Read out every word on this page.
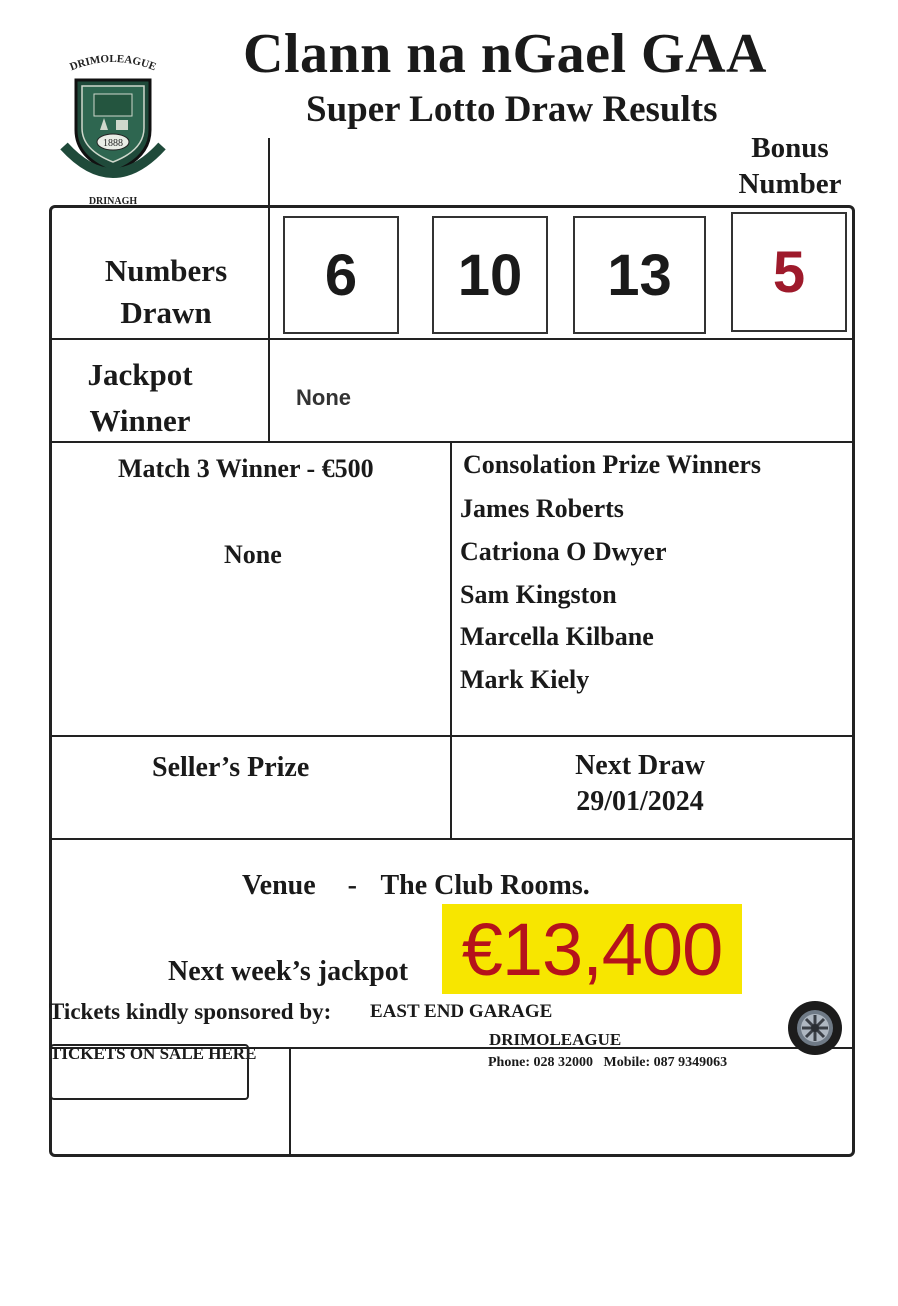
DRIMOLEAGUE
1888
DRINAGH
Clann na nGael GAA
Super Lotto Draw Results
Bonus
Number
Numbers
Drawn
6	10	13	5
Jackpot
Winner
None
Match 3 Winner - €500
None
Consolation Prize Winners
James Roberts
Catriona O Dwyer
Sam Kingston
Marcella Kilbane
Mark Kiely
Seller’s Prize	Next Draw
29/01/2024
Venue - The Club Rooms.
Next week’s jackpot €13,400
Tickets kindly sponsored by: EAST END GARAGE
DRIMOLEAGUE
Phone: 028 32000   Mobile: 087 9349063
TICKETS ON SALE HERE
